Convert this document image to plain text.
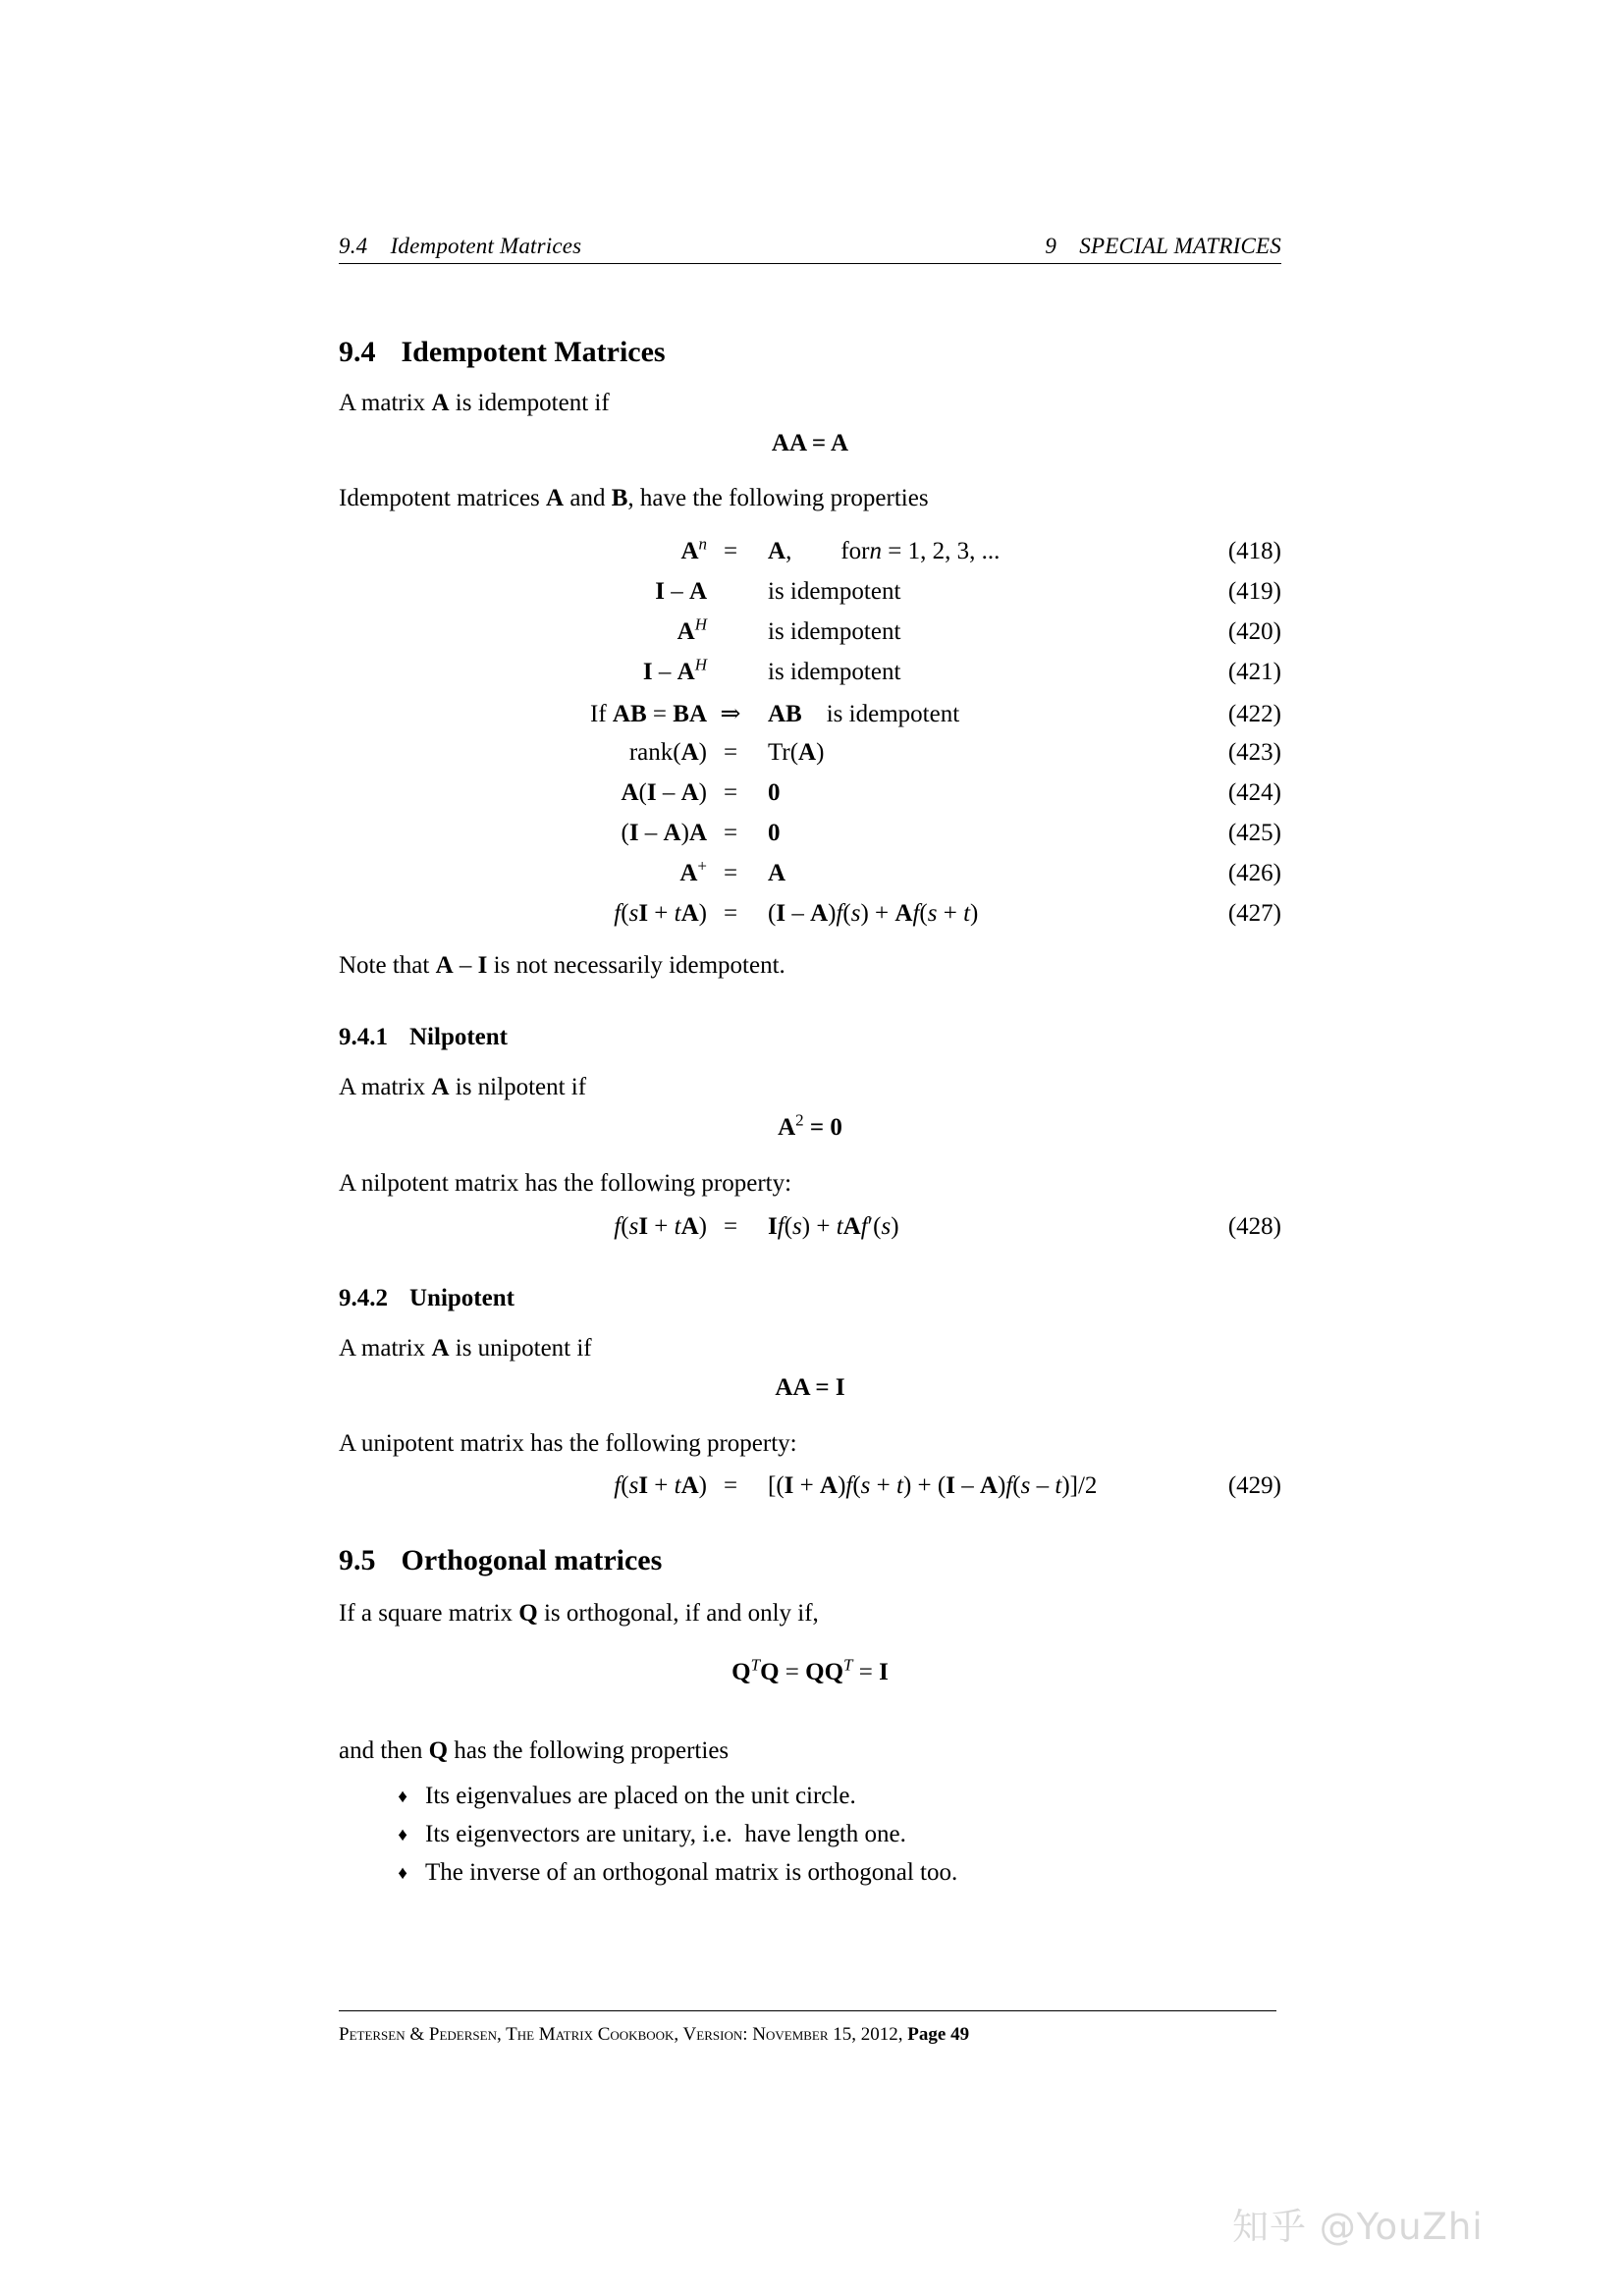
9.4  Idempotent Matrices	9  SPECIAL MATRICES
9.4 Idempotent Matrices
A matrix A is idempotent if
AA = A
Idempotent matrices A and B, have the following properties
$A^n$ =	A,  forn = 1, 2, 3, ...	(418)
I – A	is idempotent	(419)
$A^H$	is idempotent	(420)
I – $A^H$	is idempotent	(421)
If AB = BA ⇒	AB is idempotent	(422)
rank(A) =	Tr(A)	(423)
A(I – A) =	0	(424)
(I – A)A =	0	(425)
A+ =	A	(426)
f(sI + tA) =	(I – A)f(s) + Af(s + t)	(427)
Note that A – I is not necessarily idempotent.
9.4.1 Nilpotent
A matrix A is nilpotent if
$A^2 = 0$
A nilpotent matrix has the following property:
f(sI + tA) =	If(s) + tAf′(s)	(428)
9.4.2 Unipotent
A matrix A is unipotent if
AA = I
A unipotent matrix has the following property:
f(sI + tA) =	[(I + A)f(s + t) + (I – A)f(s – t)]/2	(429)
9.5 Orthogonal matrices
If a square matrix Q is orthogonal, if and only if,
$Q^TQ = QQ^T = I$
and then Q has the following properties
♦ Its eigenvalues are placed on the unit circle.
♦ Its eigenvectors are unitary, i.e.  have length one.
♦ The inverse of an orthogonal matrix is orthogonal too.
Petersen & Pedersen, The Matrix Cookbook, Version: November 15, 2012, Page 49
知乎 @YouZhi
